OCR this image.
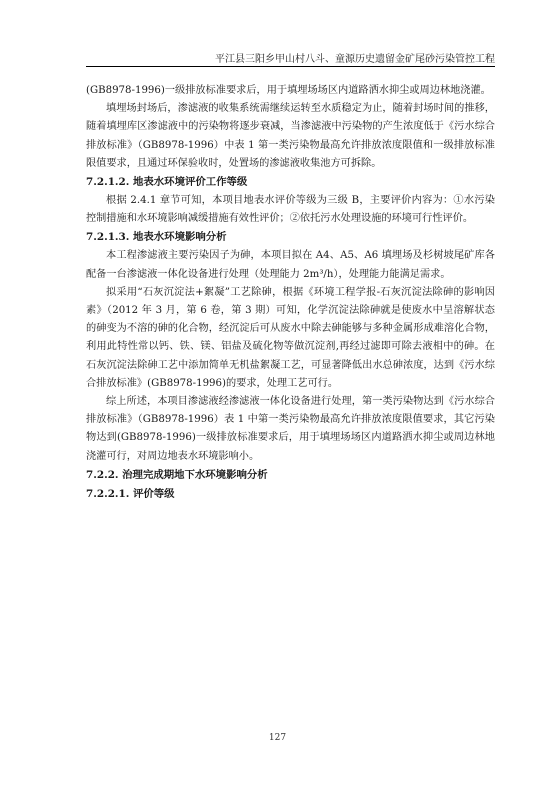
平江县三阳乡甲山村八斗、童源历史遗留金矿尾砂污染管控工程

(GB8978-1996)一级排放标准要求后，用于填埋场场区内道路洒水抑尘或周边林地浇灌。

填埋场封场后，渗滤液的收集系统需继续运转至水质稳定为止，随着封场时间的推移，随着填埋库区渗滤液中的污染物将逐步衰减，当渗滤液中污染物的产生浓度低于《污水综合排放标准》（GB8978-1996）中表 1 第一类污染物最高允许排放浓度限值和一级排放标准限值要求，且通过环保验收时，处置场的渗滤液收集池方可拆除。

7.2.1.2. 地表水环境评价工作等级

根据 2.4.1 章节可知，本项目地表水评价等级为三级 B，主要评价内容为：①水污染控制措施和水环境影响减缓措施有效性评价；②依托污水处理设施的环境可行性评价。

7.2.1.3. 地表水环境影响分析

本工程渗滤液主要污染因子为砷，本项目拟在 A4、A5、A6 填埋场及杉树坡尾矿库各配备一台渗滤液一体化设备进行处理（处理能力 2m³/h），处理能力能满足需求。

拟采用“石灰沉淀法+絮凝”工艺除砷，根据《环境工程学报-石灰沉淀法除砷的影响因素》（2012 年 3 月，第 6 卷，第 3 期）可知，化学沉淀法除砷就是使废水中呈溶解状态的砷变为不溶的砷的化合物，经沉淀后可从废水中除去砷能够与多种金属形成难溶化合物，利用此特性常以钙、铁、镁、铝盐及硫化物等做沉淀剂,再经过滤即可除去液相中的砷。在石灰沉淀法除砷工艺中添加简单无机盐絮凝工艺，可显著降低出水总砷浓度，达到《污水综合排放标准》(GB8978-1996)的要求，处理工艺可行。

综上所述，本项目渗滤液经渗滤液一体化设备进行处理，第一类污染物达到《污水综合排放标准》（GB8978-1996）表 1 中第一类污染物最高允许排放浓度限值要求，其它污染物达到(GB8978-1996)一级排放标准要求后，用于填埋场场区内道路洒水抑尘或周边林地浇灌可行，对周边地表水环境影响小。

7.2.2. 治理完成期地下水环境影响分析
7.2.2.1. 评价等级
127
